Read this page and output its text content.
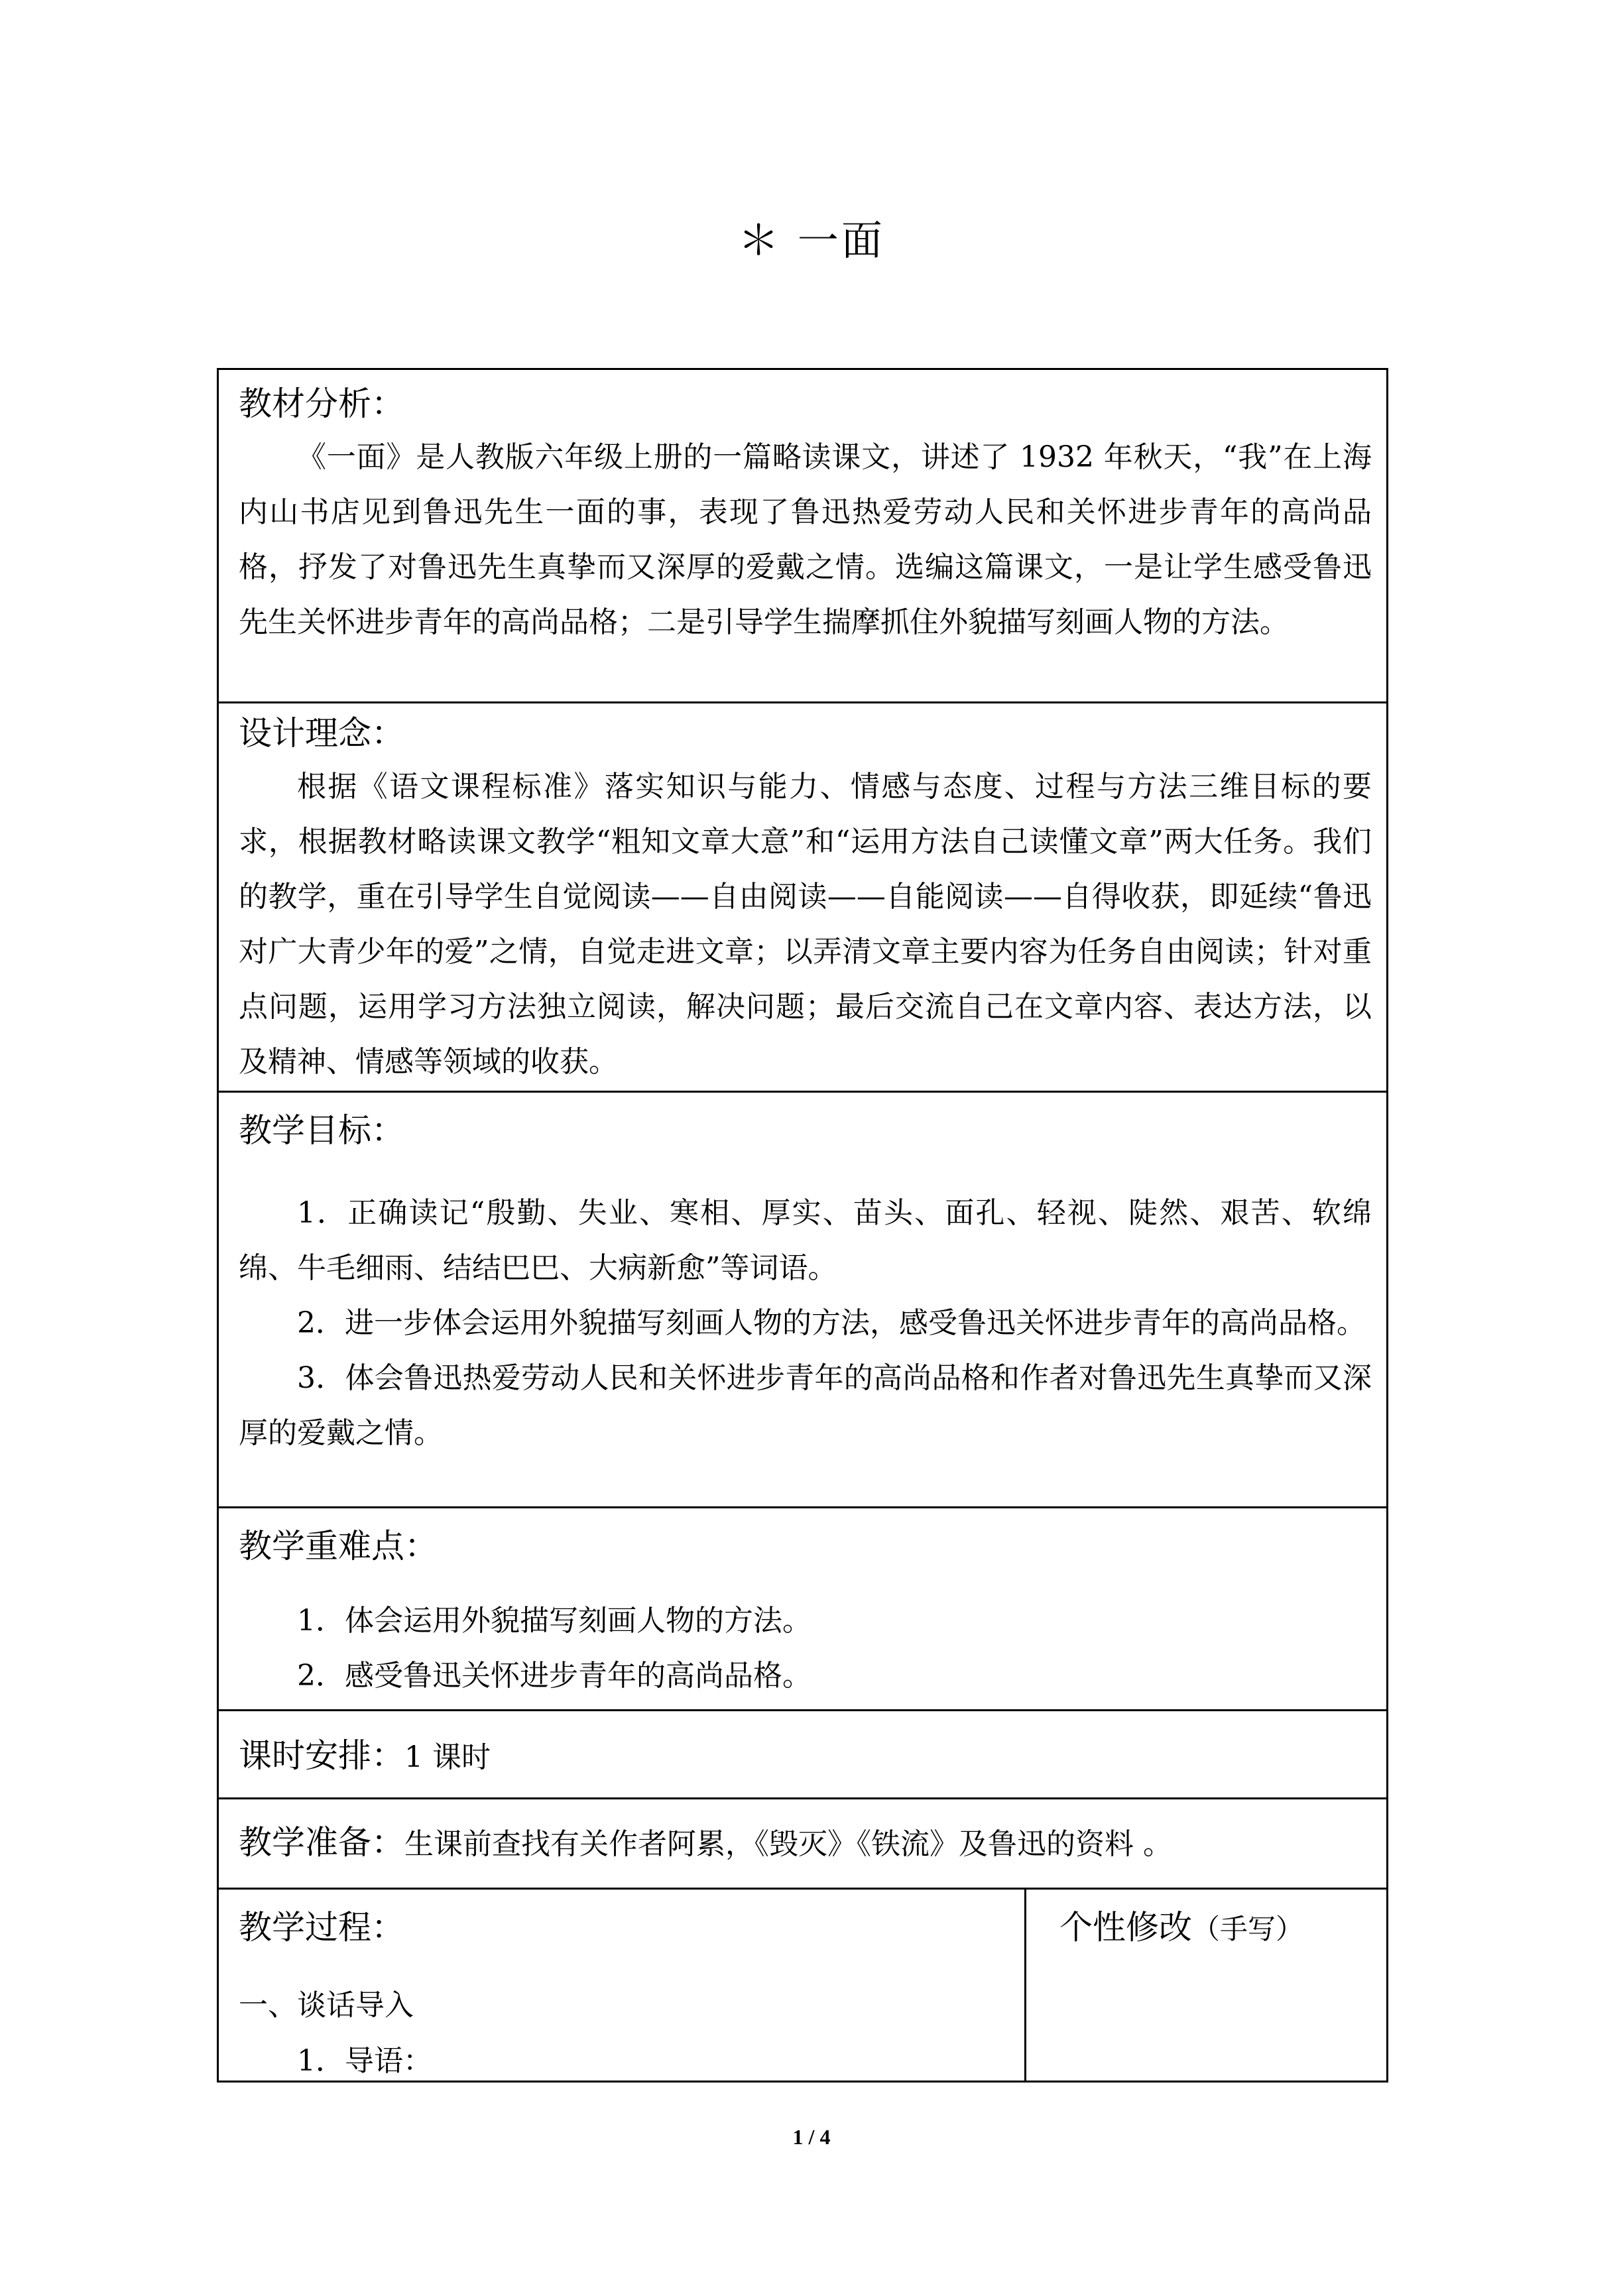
＊ 一面
教材分析：

《一面》是人教版六年级上册的一篇略读课文，讲述了 1932 年秋天，“我”在上海内山书店见到鲁迅先生一面的事，表现了鲁迅热爱劳动人民和关怀进步青年的高尚品格，抒发了对鲁迅先生真挚而又深厚的爱戴之情。选编这篇课文，一是让学生感受鲁迅先生关怀进步青年的高尚品格；二是引导学生揣摩抓住外貌描写刻画人物的方法。

设计理念：

根据《语文课程标准》落实知识与能力、情感与态度、过程与方法三维目标的要求，根据教材略读课文教学“粗知文章大意”和“运用方法自己读懂文章”两大任务。我们的教学，重在引导学生自觉阅读——自由阅读——自能阅读——自得收获，即延续“鲁迅对广大青少年的爱”之情，自觉走进文章；以弄清文章主要内容为任务自由阅读；针对重点问题，运用学习方法独立阅读，解决问题；最后交流自己在文章内容、表达方法，以及精神、情感等领域的收获。

教学目标：

1．正确读记“殷勤、失业、寒相、厚实、苗头、面孔、轻视、陡然、艰苦、软绵绵、牛毛细雨、结结巴巴、大病新愈”等词语。

2．进一步体会运用外貌描写刻画人物的方法，感受鲁迅关怀进步青年的高尚品格。

3．体会鲁迅热爱劳动人民和关怀进步青年的高尚品格和作者对鲁迅先生真挚而又深厚的爱戴之情。

教学重难点：

1．体会运用外貌描写刻画人物的方法。

2．感受鲁迅关怀进步青年的高尚品格。

课时安排：1 课时
教学准备：生课前查找有关作者阿累，《毁灭》《铁流》及鲁迅的资料 。
教学过程：
一、谈话导入
1．导语：
个性修改（手写）
1 / 4
